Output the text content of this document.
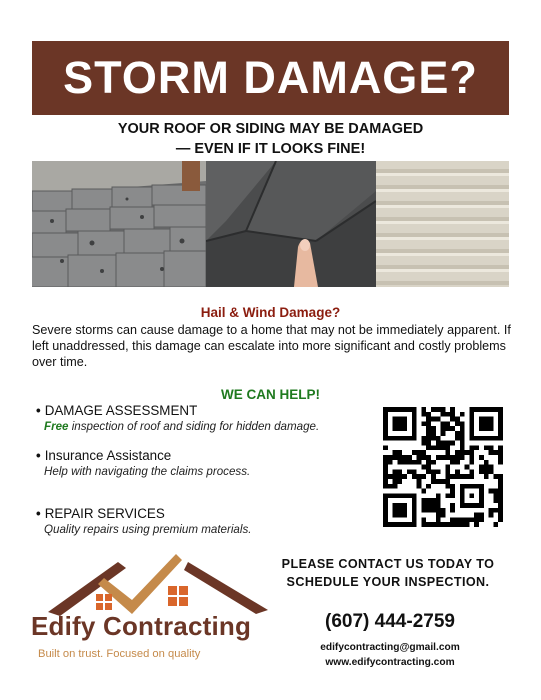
STORM DAMAGE?
YOUR ROOF OR SIDING MAY BE DAMAGED
— EVEN IF IT LOOKS FINE!
Hail & Wind Damage?
Severe storms can cause damage to a home that may not be immediately apparent. If left unaddressed, this damage can escalate into more significant and costly problems over time.
WE CAN HELP!
• DAMAGE ASSESSMENT
Free inspection of roof and siding for hidden damage.
• Insurance Assistance
Help with navigating the claims process.
• REPAIR SERVICES
Quality repairs using premium materials.
Edify Contracting
Built on trust. Focused on quality
PLEASE CONTACT US TODAY TO
SCHEDULE YOUR INSPECTION.
(607) 444-2759
edifycontracting@gmail.com
www.edifycontracting.com
